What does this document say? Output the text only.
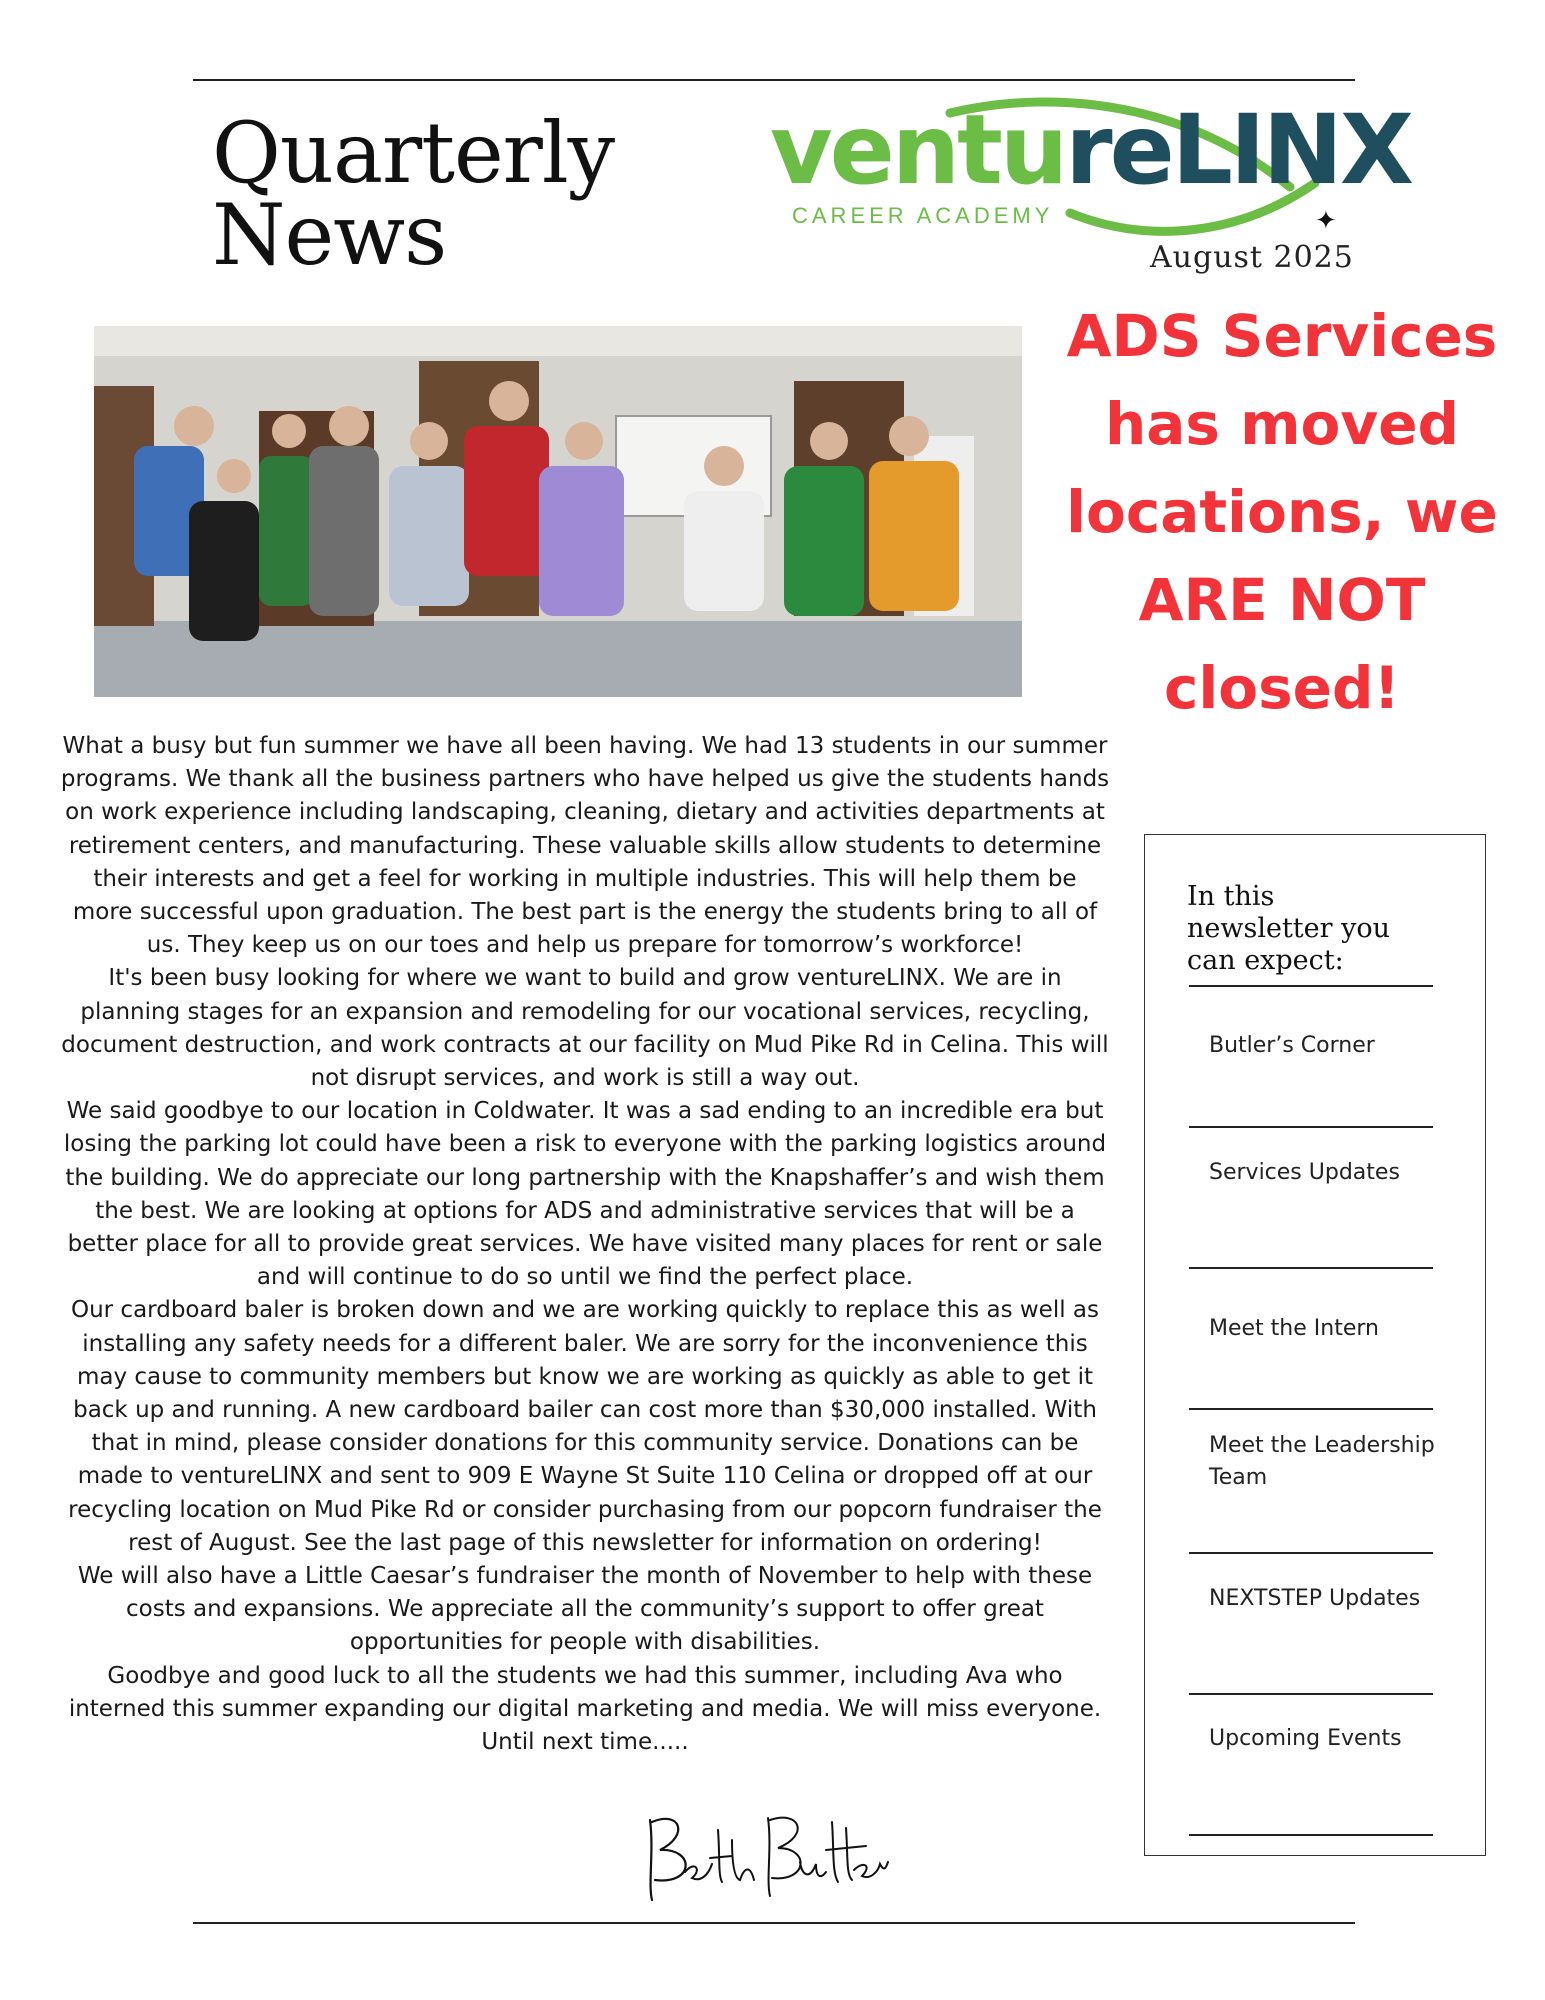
Quarterly
News
ventureLINX
CAREER ACADEMY	✦
August 2025
ADS Services
has moved
locations, we
ARE NOT
closed!

What a busy but fun summer we have all been having. We had 13 students in our summer programs. We thank all the business partners who have helped us give the students hands on work experience including landscaping, cleaning, dietary and activities departments at retirement centers, and manufacturing. These valuable skills allow students to determine their interests and get a feel for working in multiple industries. This will help them be more successful upon graduation. The best part is the energy the students bring to all of us. They keep us on our toes and help us prepare for tomorrow’s workforce!

It's been busy looking for where we want to build and grow ventureLINX. We are in planning stages for an expansion and remodeling for our vocational services, recycling, document destruction, and work contracts at our facility on Mud Pike Rd in Celina. This will not disrupt services, and work is still a way out.

We said goodbye to our location in Coldwater. It was a sad ending to an incredible era but losing the parking lot could have been a risk to everyone with the parking logistics around the building. We do appreciate our long partnership with the Knapshaffer’s and wish them the best. We are looking at options for ADS and administrative services that will be a better place for all to provide great services. We have visited many places for rent or sale and will continue to do so until we find the perfect place.

Our cardboard baler is broken down and we are working quickly to replace this as well as installing any safety needs for a different baler. We are sorry for the inconvenience this may cause to community members but know we are working as quickly as able to get it back up and running. A new cardboard bailer can cost more than $30,000 installed. With that in mind, please consider donations for this community service. Donations can be made to ventureLINX and sent to 909 E Wayne St Suite 110 Celina or dropped off at our recycling location on Mud Pike Rd or consider purchasing from our popcorn fundraiser the rest of August. See the last page of this newsletter for information on ordering!

We will also have a Little Caesar’s fundraiser the month of November to help with these costs and expansions. We appreciate all the community’s support to offer great opportunities for people with disabilities.

Goodbye and good luck to all the students we had this summer, including Ava who interned this summer expanding our digital marketing and media. We will miss everyone.

Until next time.....

In this newsletter you can expect:
Butler’s Corner
Services Updates
Meet the Intern
Meet the Leadership Team
NEXTSTEP Updates
Upcoming Events
